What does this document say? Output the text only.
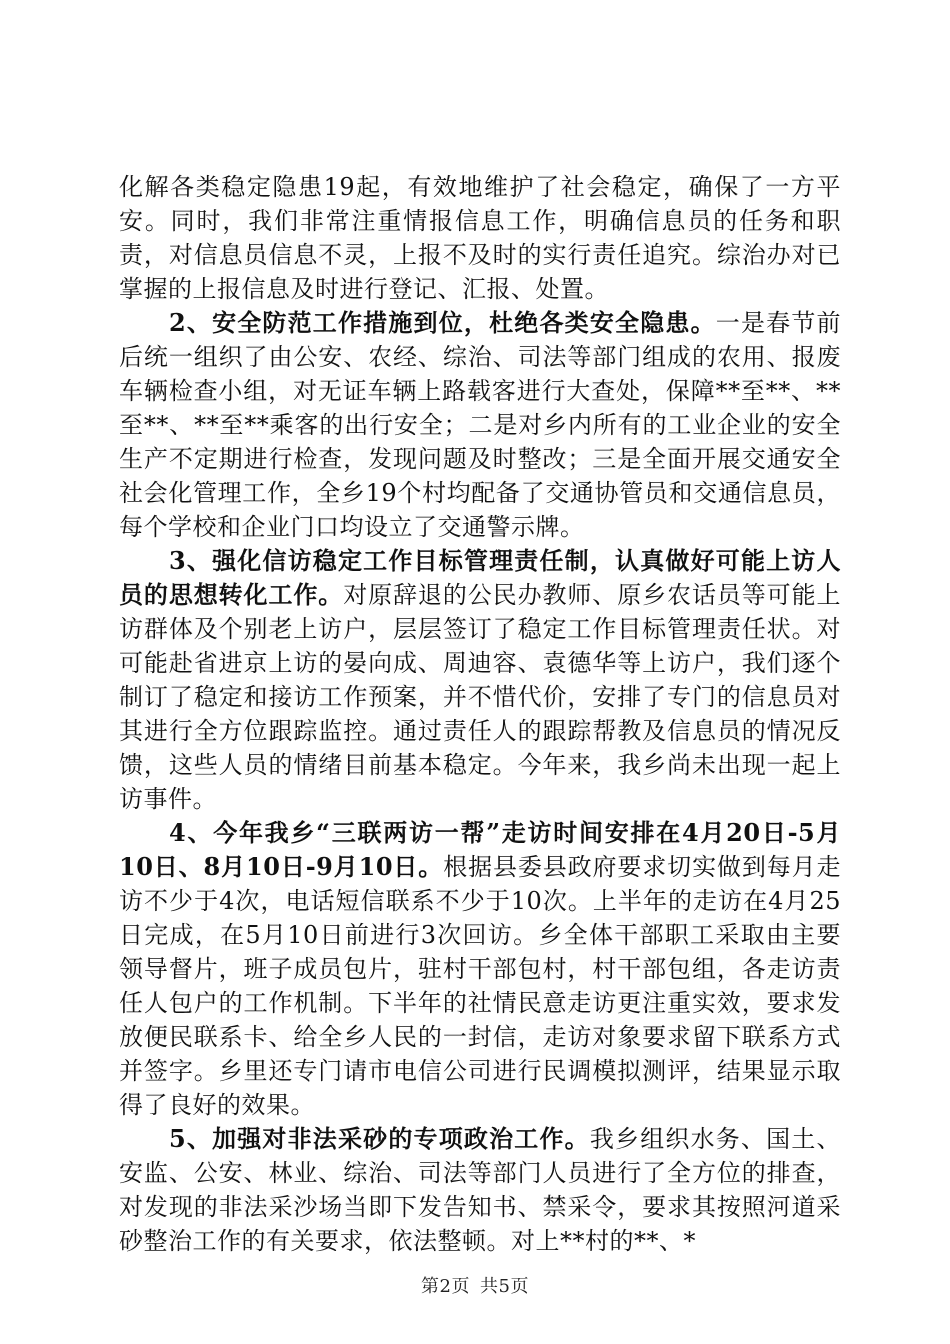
化解各类稳定隐患19起，有效地维护了社会稳定，确保了一方平安。同时，我们非常注重情报信息工作，明确信息员的任务和职责，对信息员信息不灵，上报不及时的实行责任追究。综治办对已掌握的上报信息及时进行登记、汇报、处置。

2、安全防范工作措施到位，杜绝各类安全隐患。一是春节前后统一组织了由公安、农经、综治、司法等部门组成的农用、报废车辆检查小组，对无证车辆上路载客进行大查处，保障**至**、**至**、**至**乘客的出行安全；二是对乡内所有的工业企业的安全生产不定期进行检查，发现问题及时整改；三是全面开展交通安全社会化管理工作，全乡19个村均配备了交通协管员和交通信息员，每个学校和企业门口均设立了交通警示牌。

3、强化信访稳定工作目标管理责任制，认真做好可能上访人员的思想转化工作。对原辞退的公民办教师、原乡农话员等可能上访群体及个别老上访户，层层签订了稳定工作目标管理责任状。对可能赴省进京上访的晏向成、周迪容、袁德华等上访户，我们逐个制订了稳定和接访工作预案，并不惜代价，安排了专门的信息员对其进行全方位跟踪监控。通过责任人的跟踪帮教及信息员的情况反馈，这些人员的情绪目前基本稳定。今年来，我乡尚未出现一起上访事件。

4、今年我乡“三联两访一帮”走访时间安排在4月20日-5月10日、8月10日-9月10日。根据县委县政府要求切实做到每月走访不少于4次，电话短信联系不少于10次。上半年的走访在4月25日完成，在5月10日前进行3次回访。乡全体干部职工采取由主要领导督片，班子成员包片，驻村干部包村，村干部包组，各走访责任人包户的工作机制。下半年的社情民意走访更注重实效，要求发放便民联系卡、给全乡人民的一封信，走访对象要求留下联系方式并签字。乡里还专门请市电信公司进行民调模拟测评，结果显示取得了良好的效果。

5、加强对非法采砂的专项政治工作。我乡组织水务、国土、安监、公安、林业、综治、司法等部门人员进行了全方位的排查，对发现的非法采沙场当即下发告知书、禁采令，要求其按照河道采砂整治工作的有关要求，依法整顿。对上**村的**、*

第2页 共5页
